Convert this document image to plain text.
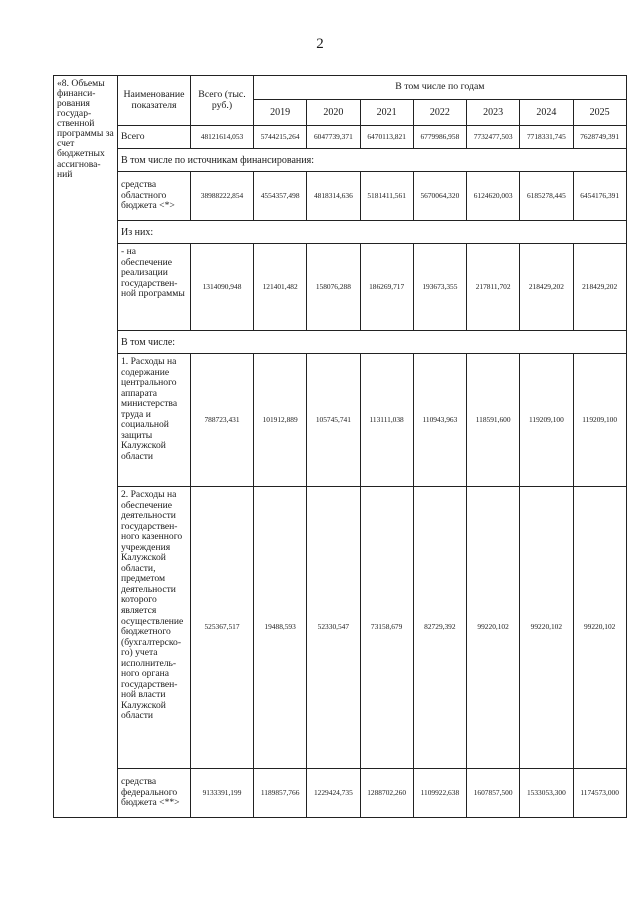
2
«8. Объемы финанси-рования государ-ственной программы за счет бюджетных ассигнова-ний	Наименование показателя	Всего (тыс. руб.)	В том числе по годам						
			2019	2020	2021	2022	2023	2024	2025
	Всего	48121614,053	5744215,264	6047739,371	6470113,821	6779986,958	7732477,503	7718331,745	7628749,391
	В том числе по источникам финансирования:								
	средства областного бюджета <*>	38988222,854	4554357,498	4818314,636	5181411,561	5670064,320	6124620,003	6185278,445	6454176,391
	Из них:								
	- на обеспечение реализации государствен-ной программы	1314090,948	121401,482	158076,288	186269,717	193673,355	217811,702	218429,202	218429,202
	В том числе:								
	1. Расходы на содержание центрального аппарата министерства труда и социальной защиты Калужской области	788723,431	101912,889	105745,741	113111,038	110943,963	118591,600	119209,100	119209,100
	2. Расходы на обеспечение деятельности государствен-ного казенного учреждения Калужской области, предметом деятельности которого является осуществление бюджетного (бухгалтерско-го) учета исполнитель-ного органа государствен-ной власти Калужской области	525367,517	19488,593	52330,547	73158,679	82729,392	99220,102	99220,102	99220,102
	средства федерального бюджета <**>	9133391,199	1189857,766	1229424,735	1288702,260	1109922,638	1607857,500	1533053,300	1174573,000
